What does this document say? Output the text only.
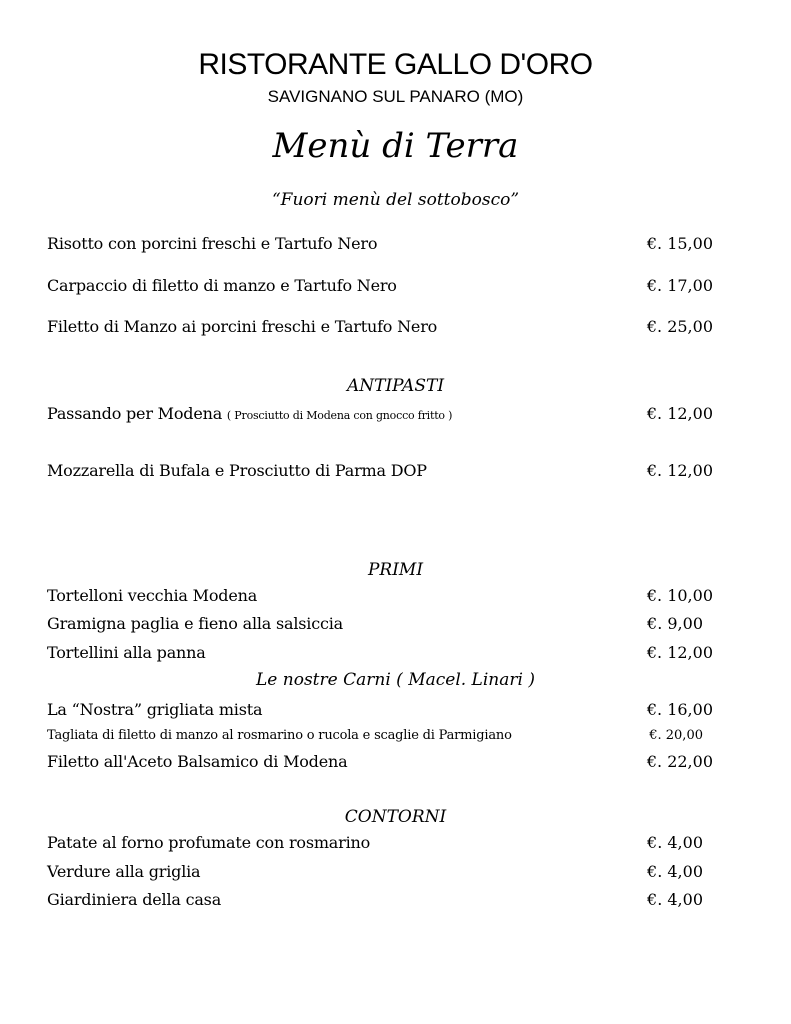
RISTORANTE GALLO D'ORO
SAVIGNANO SUL PANARO (MO)
Menù di Terra
“Fuori menù del sottobosco”
Risotto con porcini freschi e Tartufo Nero	€. 15,00
Carpaccio di filetto di manzo e Tartufo Nero	€. 17,00
Filetto di Manzo ai porcini freschi e Tartufo Nero	€. 25,00
ANTIPASTI
Passando per Modena ( Prosciutto di Modena con gnocco fritto )	€. 12,00
Mozzarella di Bufala e Prosciutto di Parma DOP	€. 12,00
PRIMI
Tortelloni vecchia Modena	€. 10,00
Gramigna paglia e fieno alla salsiccia	€. 9,00
Tortellini alla panna	€. 12,00
Le nostre Carni ( Macel. Linari )
La “Nostra” grigliata mista	€. 16,00
Tagliata di filetto di manzo al rosmarino o rucola e scaglie di Parmigiano	€. 20,00
Filetto all'Aceto Balsamico di Modena	€. 22,00
CONTORNI
Patate al forno profumate con rosmarino	€. 4,00
Verdure alla griglia	€. 4,00
Giardiniera della casa	€. 4,00
